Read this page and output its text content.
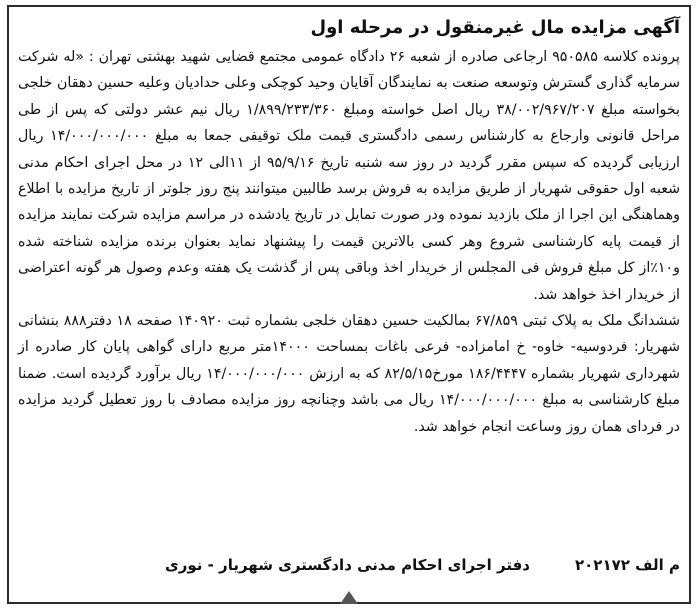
آگهی مزایده مال غیرمنقول در مرحله اول

پرونده کلاسه ۹۵۰۵۸۵ ارجاعی صادره از شعبه ۲۶ دادگاه عمومی مجتمع قضایی شهید بهشتی تهران : «له شرکت سرمایه گذاری گسترش وتوسعه صنعت به نمایندگان آقایان وحید کوچکی وعلی حدادیان وعلیه حسین دهقان خلجی بخواسته مبلغ ۳۸/۰۰۲/۹۶۷/۲۰۷ ریال اصل خواسته ومبلغ ۱/۸۹۹/۲۳۳/۳۶۰ ریال نیم عشر دولتی که پس از طی مراحل قانونی وارجاع به کارشناس رسمی دادگستری قیمت ملک توقیفی جمعا به مبلغ ۱۴/۰۰۰/۰۰۰/۰۰۰ ریال ارزیابی گردیده که سپس مقرر گردید در روز سه شنبه تاریخ ۹۵/۹/۱۶ از ۱۱الی ۱۲ در محل اجرای احکام مدنی شعبه اول حقوقی شهریار از طریق مزایده به فروش برسد طالبین میتوانند پنج روز جلوتر از تاریخ مزایده با اطلاع وهماهنگی این اجرا از ملک بازدید نموده ودر صورت تمایل در تاریخ یادشده در مراسم مزایده شرکت نمایند مزایده از قیمت پایه کارشناسی شروع وهر کسی بالاترین قیمت را پیشنهاد نماید بعنوان برنده مزایده شناخته شده و۱۰٪از کل مبلغ فروش فی المجلس از خریدار اخذ وباقی پس از گذشت یک هفته وعدم وصول هر گونه اعتراضی از خریدار اخذ خواهد شد.

ششدانگ ملک به پلاک ثبتی ۶۷/۸۵۹ بمالکیت حسین دهقان خلجی بشماره ثبت ۱۴۰۹۲۰ صفحه ۱۸ دفتر۸۸۸ بنشانی شهریار: فردوسیه- خاوه- خ امامزاده- فرعی باغات بمساحت ۱۴۰۰۰متر مربع دارای گواهی پایان کار صادره از شهرداری شهریار بشماره ۱۸۶/۴۴۴۷ مورخ۸۲/۵/۱۵ که به ارزش ۱۴/۰۰۰/۰۰۰/۰۰۰ ریال برآورد گردیده است. ضمنا مبلغ کارشناسی به مبلغ ۱۴/۰۰۰/۰۰۰/۰۰۰ ریال می باشد وچنانچه روز مزایده مصادف با روز تعطیل گردید مزایده در فردای همان روز وساعت انجام خواهد شد.

م الف ۲۰۲۱۷۲
دفتر اجرای احکام مدنی دادگستری شهریار - نوری
